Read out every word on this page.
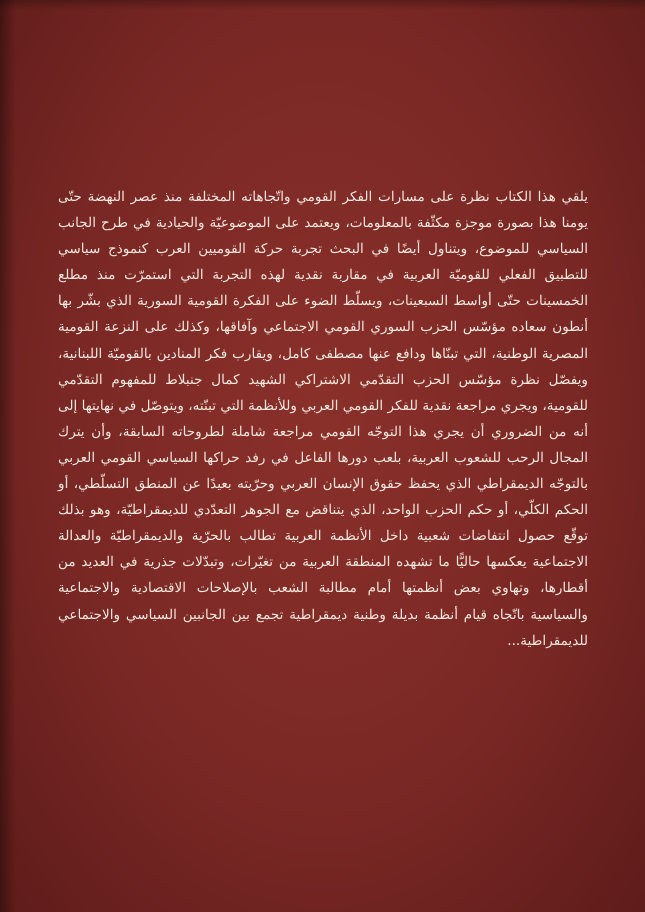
يلقي هذا الكتاب نظرة على مسارات الفكر القومي واتّجاهاته المختلفة منذ عصر النهضة حتّى يومنا هذا بصورة موجزة مكثّفة بالمعلومات، ويعتمد على الموضوعيّة والحيادية في طرح الجانب السياسي للموضوع، ويتناول أيضًا في البحث تجربة حركة القوميين العرب كنموذج سياسي للتطبيق الفعلي للقوميّة العربية في مقاربة نقدية لهذه التجربة التي استمرّت منذ مطلع الخمسينات حتّى أواسط السبعينات، ويسلّط الضوء على الفكرة القومية السورية الذي بشّر بها أنطون سعاده مؤسّس الحزب السوري القومي الاجتماعي وآفاقها، وكذلك على النزعة القومية المصرية الوطنية، التي تبنّاها ودافع عنها مصطفى كامل، ويقارب فكر المنادين بالقوميّة اللبنانية، ويفصّل نظرة مؤسّس الحزب التقدّمي الاشتراكي الشهيد كمال جنبلاط للمفهوم التقدّمي للقومية، ويجري مراجعة نقدية للفكر القومي العربي وللأنظمة التي تبنّته، ويتوصّل في نهايتها إلى أنه من الضروري أن يجري هذا التوجّه القومي مراجعة شاملة لطروحاته السابقة، وأن يترك المجال الرحب للشعوب العربية، بلعب دورها الفاعل في رفد حراكها السياسي القومي العربي بالتوجّه الديمقراطي الذي يحفظ حقوق الإنسان العربي وحرّيته بعيدًا عن المنطق التسلّطي، أو الحكم الكلّي، أو حكم الحزب الواحد، الذي يتناقض مع الجوهر التعدّدي للديمقراطيّة، وهو بذلك توقّع حصول انتفاضات شعبية داخل الأنظمة العربية تطالب بالحرّية والديمقراطيّة والعدالة الاجتماعية يعكسها حاليًّا ما تشهده المنطقة العربية من تغيّرات، وتبدّلات جذرية في العديد من أقطارها، وتهاوي بعض أنظمتها أمام مطالبة الشعب بالإصلاحات الاقتصادية والاجتماعية والسياسية باتّجاه قيام أنظمة بديلة وطنية ديمقراطية تجمع بين الجانبين السياسي والاجتماعي للديمقراطية...
